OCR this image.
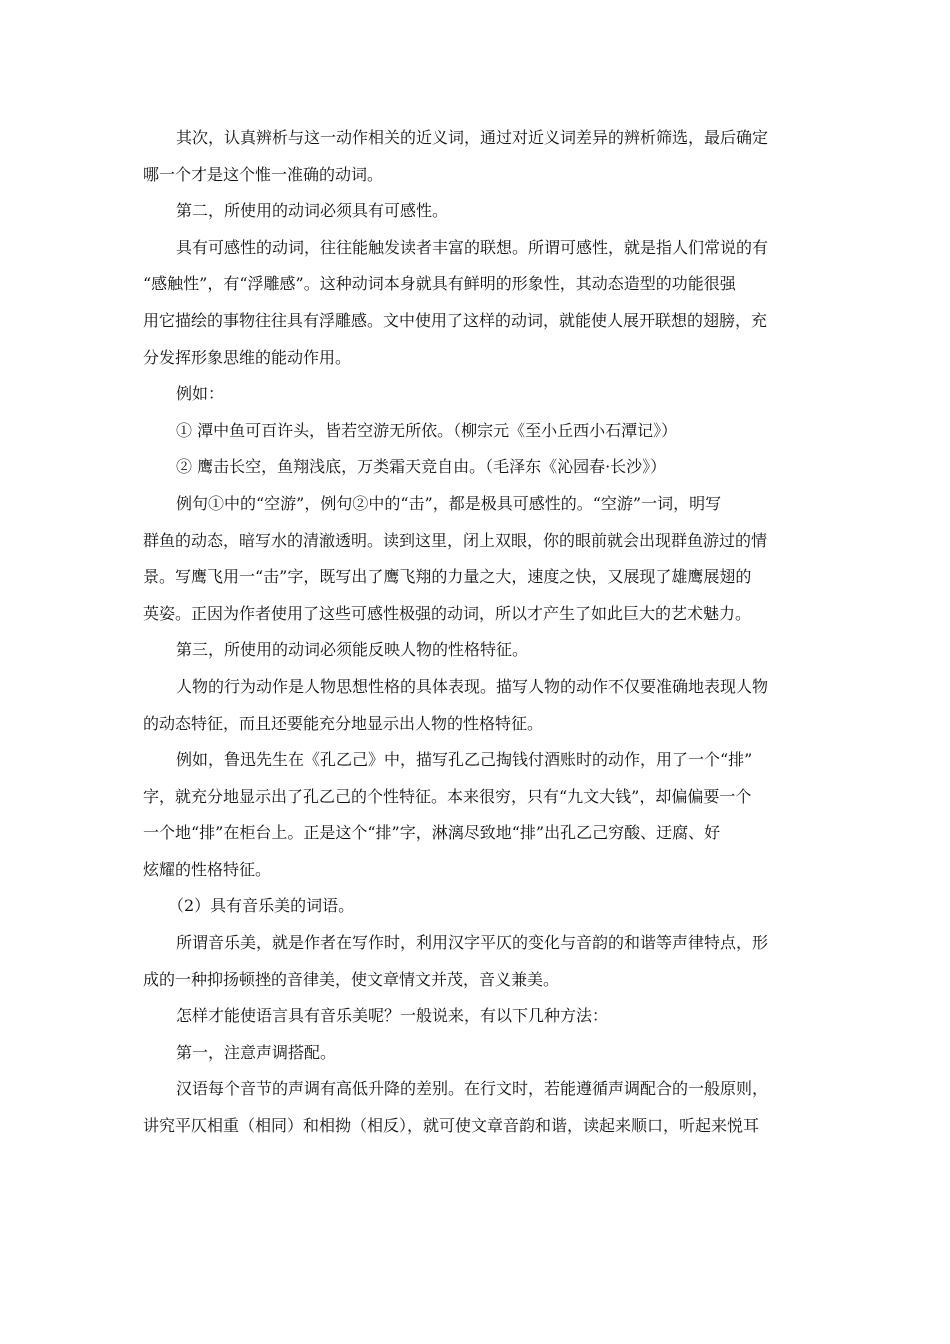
其次，认真辨析与这一动作相关的近义词，通过对近义词差异的辨析筛选，最后确定
哪一个才是这个惟一准确的动词。

第二，所使用的动词必须具有可感性。

具有可感性的动词，往往能触发读者丰富的联想。所谓可感性，就是指人们常说的有
“感触性”，有“浮雕感”。这种动词本身就具有鲜明的形象性，其动态造型的功能很强
用它描绘的事物往往具有浮雕感。文中使用了这样的动词，就能使人展开联想的翅膀，充
分发挥形象思维的能动作用。

例如：

① 潭中鱼可百许头，皆若空游无所依。（柳宗元《至小丘西小石潭记》）

② 鹰击长空，鱼翔浅底，万类霜天竞自由。（毛泽东《沁园春·长沙》）

例句①中的“空游”，例句②中的“击”，都是极具可感性的。“空游”一词，明写
群鱼的动态，暗写水的清澈透明。读到这里，闭上双眼，你的眼前就会出现群鱼游过的情
景。写鹰飞用一“击”字，既写出了鹰飞翔的力量之大，速度之快，又展现了雄鹰展翅的
英姿。正因为作者使用了这些可感性极强的动词，所以才产生了如此巨大的艺术魅力。

第三，所使用的动词必须能反映人物的性格特征。

人物的行为动作是人物思想性格的具体表现。描写人物的动作不仅要准确地表现人物
的动态特征，而且还要能充分地显示出人物的性格特征。

例如，鲁迅先生在《孔乙己》中，描写孔乙己掏钱付酒账时的动作，用了一个“排”
字，就充分地显示出了孔乙己的个性特征。本来很穷，只有“九文大钱”，却偏偏要一个
一个地“排”在柜台上。正是这个“排”字，淋漓尽致地“排”出孔乙己穷酸、迂腐、好
炫耀的性格特征。

（2）具有音乐美的词语。

所谓音乐美，就是作者在写作时，利用汉字平仄的变化与音韵的和谐等声律特点，形
成的一种抑扬顿挫的音律美，使文章情文并茂，音义兼美。

怎样才能使语言具有音乐美呢？一般说来，有以下几种方法：

第一，注意声调搭配。

汉语每个音节的声调有高低升降的差别。在行文时，若能遵循声调配合的一般原则，
讲究平仄相重（相同）和相拗（相反），就可使文章音韵和谐，读起来顺口，听起来悦耳
